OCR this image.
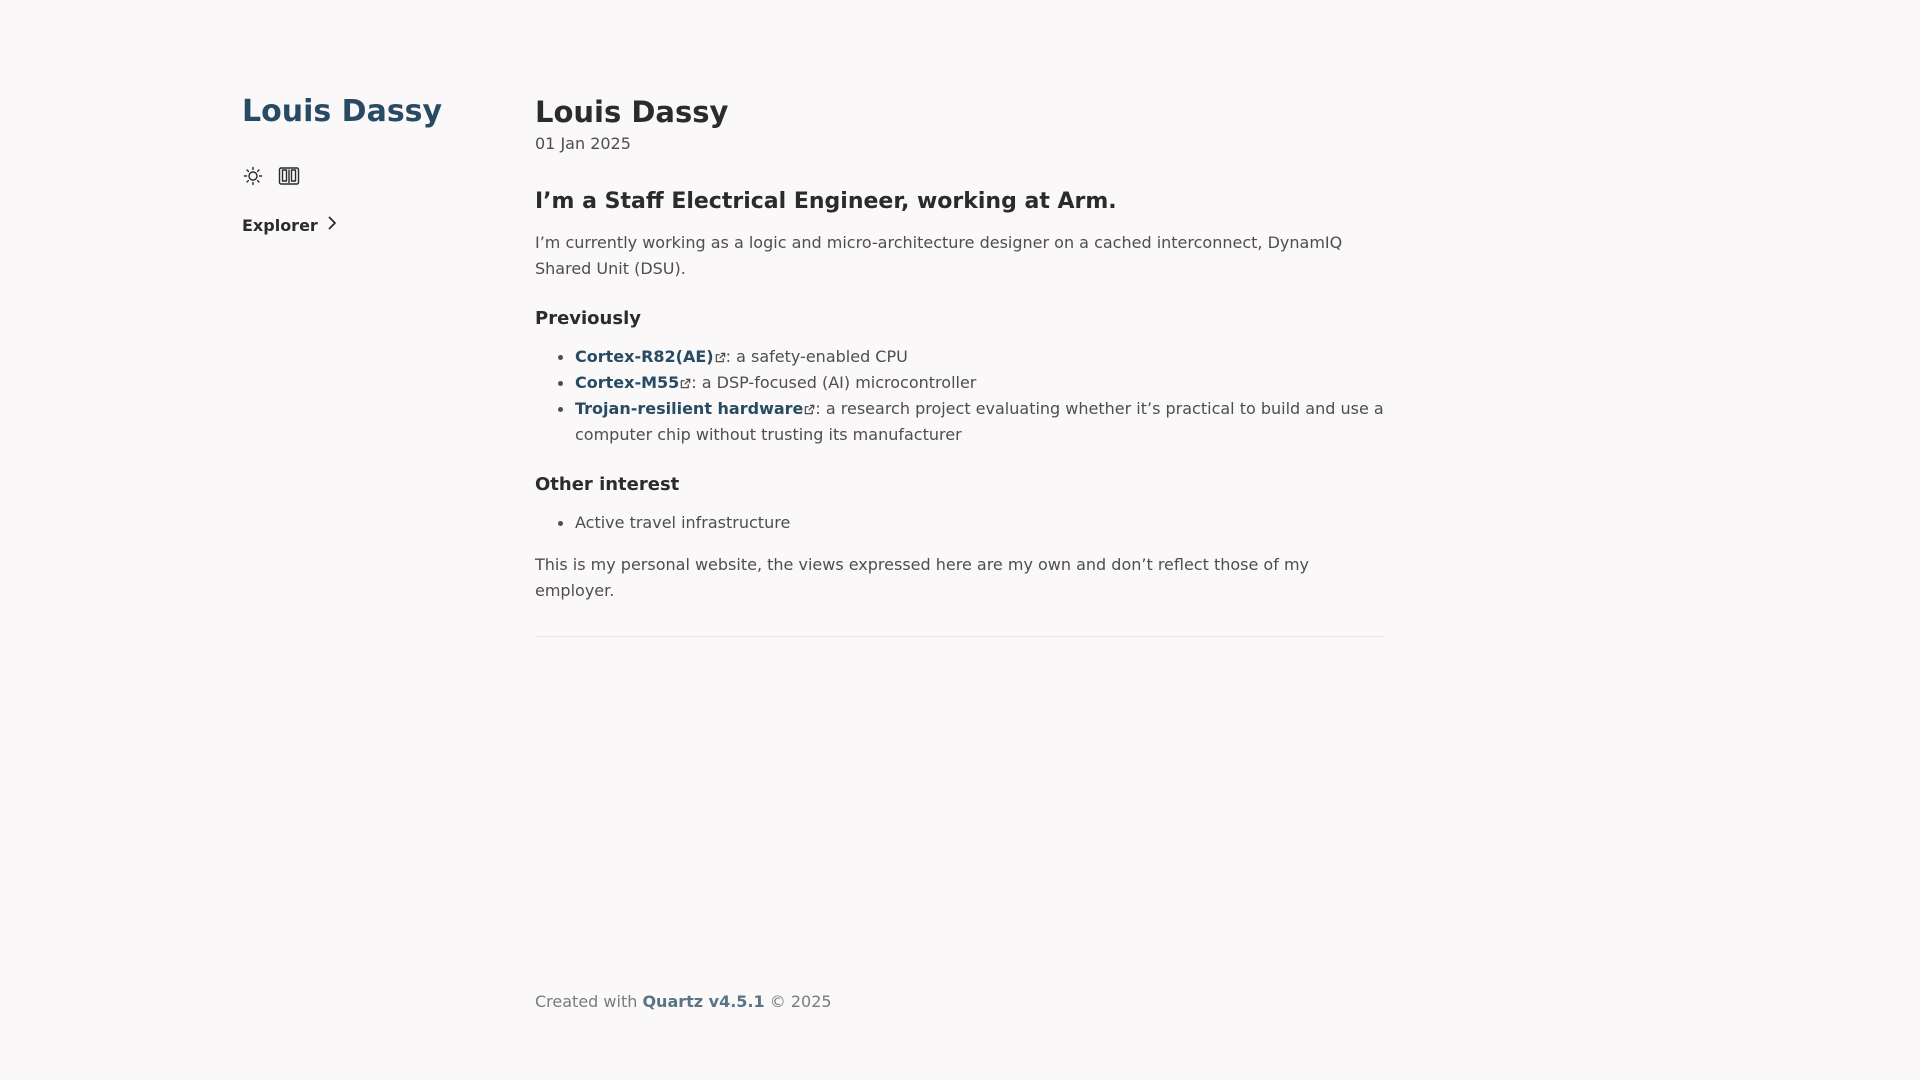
Louis Dassy
Explorer
Louis Dassy
01 Jan 2025
I’m a Staff Electrical Engineer, working at Arm.

I’m currently working as a logic and micro-architecture designer on a cached interconnect, DynamIQ Shared Unit (DSU).

Previously
Cortex-R82(AE) : a safety-enabled CPU
Cortex-M55 : a DSP-focused (AI) microcontroller
Trojan-resilient hardware : a research project evaluating whether it’s practical to build and use a computer chip without trusting its manufacturer
Other interest
Active travel infrastructure

This is my personal website, the views expressed here are my own and don’t reflect those of my employer.

Created with Quartz v4.5.1 © 2025
